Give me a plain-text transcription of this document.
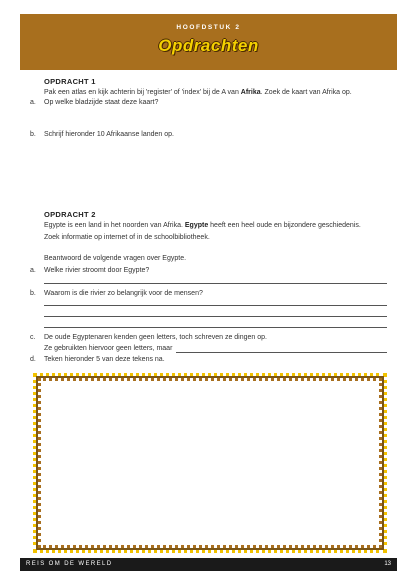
HOOFDSTUK 2
Opdrachten
OPDRACHT 1
Pak een atlas en kijk achterin bij 'register' of 'index' bij de A van Afrika. Zoek de kaart van Afrika op.
a. Op welke bladzijde staat deze kaart?
b. Schrijf hieronder 10 Afrikaanse landen op.
OPDRACHT 2
Egypte is een land in het noorden van Afrika. Egypte heeft een heel oude en bijzondere geschiedenis.
Zoek informatie op internet of in de schoolbibliotheek.
Beantwoord de volgende vragen over Egypte.
a. Welke rivier stroomt door Egypte?
b. Waarom is die rivier zo belangrijk voor de mensen?
c. De oude Egyptenaren kenden geen letters, toch schreven ze dingen op.
Ze gebruikten hiervoor geen letters, maar
d. Teken hieronder 5 van deze tekens na.
REIS OM DE WERELD	13
